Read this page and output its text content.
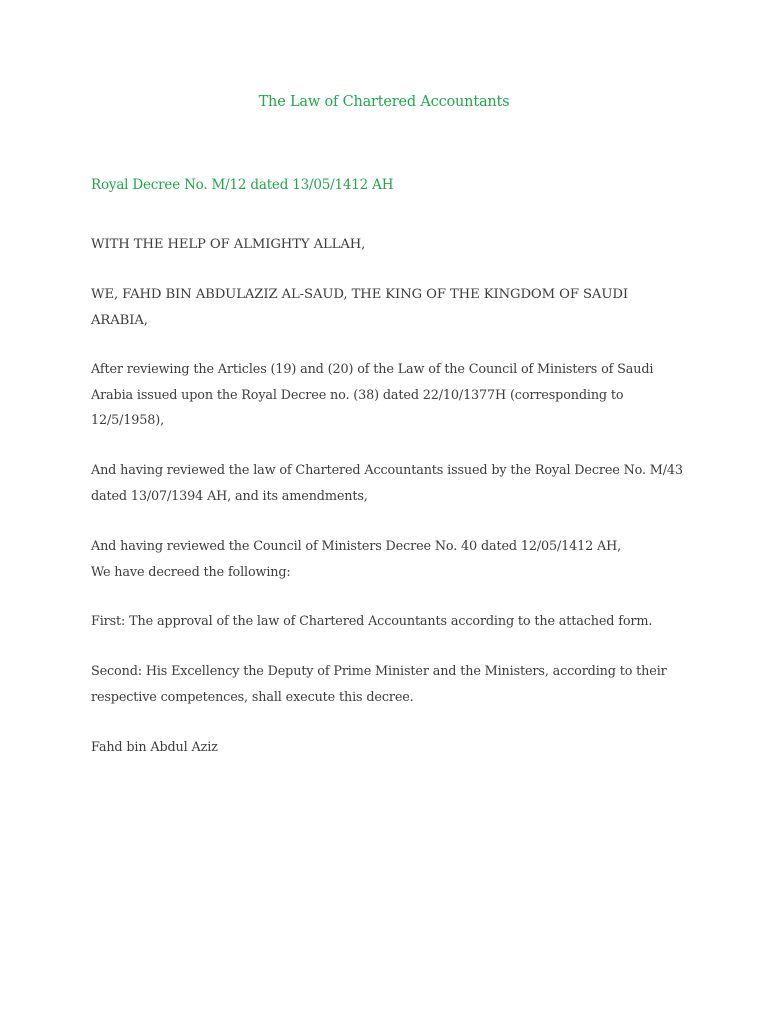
The Law of Chartered Accountants
Royal Decree No. M/12 dated 13/05/1412 AH

WITH THE HELP OF ALMIGHTY ALLAH,

WE, FAHD BIN ABDULAZIZ AL-SAUD, THE KING OF THE KINGDOM OF SAUDI
ARABIA,

After reviewing the Articles (19) and (20) of the Law of the Council of Ministers of Saudi
Arabia issued upon the Royal Decree no. (38) dated 22/10/1377H (corresponding to
12/5/1958),

And having reviewed the law of Chartered Accountants issued by the Royal Decree No. M/43
dated 13/07/1394 AH, and its amendments,

And having reviewed the Council of Ministers Decree No. 40 dated 12/05/1412 AH,
We have decreed the following:

First: The approval of the law of Chartered Accountants according to the attached form.

Second: His Excellency the Deputy of Prime Minister and the Ministers, according to their
respective competences, shall execute this decree.

Fahd bin Abdul Aziz
